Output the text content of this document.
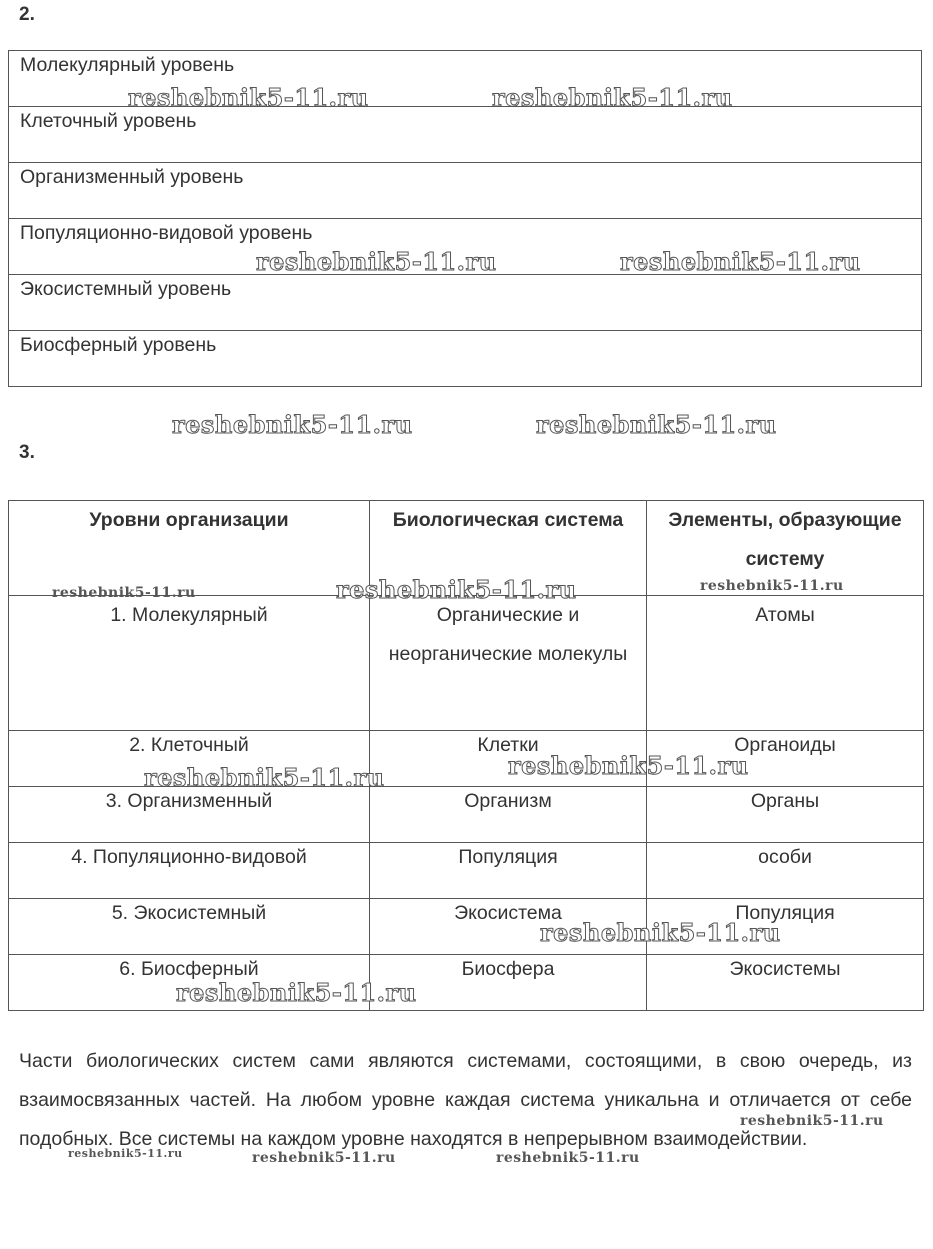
2.
Молекулярный уровень
Клеточный уровень
Организменный уровень
Популяционно-видовой уровень
Экосистемный уровень
Биосферный уровень
3.
Уровни организации	Биологическая система	Элементы, образующие систему
1. Молекулярный	Органические и неорганические молекулы	Атомы
2. Клеточный	Клетки	Органоиды
3. Организменный	Организм	Органы
4. Популяционно-видовой	Популяция	особи
5. Экосистемный	Экосистема	Популяция
6. Биосферный	Биосфера	Экосистемы
Части биологических систем сами являются системами, состоящими, в свою очередь, из взаимосвязанных частей. На любом уровне каждая система уникальна и отличается от себе подобных. Все системы на каждом уровне находятся в непрерывном взаимодействии.
reshebnik5-11.ru	reshebnik5-11.ru
reshebnik5-11.ru	reshebnik5-11.ru
reshebnik5-11.ru	reshebnik5-11.ru
reshebnik5-11.ru	reshebnik5-11.ru	reshebnik5-11.ru
reshebnik5-11.ru	reshebnik5-11.ru
reshebnik5-11.ru
reshebnik5-11.ru
reshebnik5-11.ru
reshebnik5-11.ru	reshebnik5-11.ru	reshebnik5-11.ru
